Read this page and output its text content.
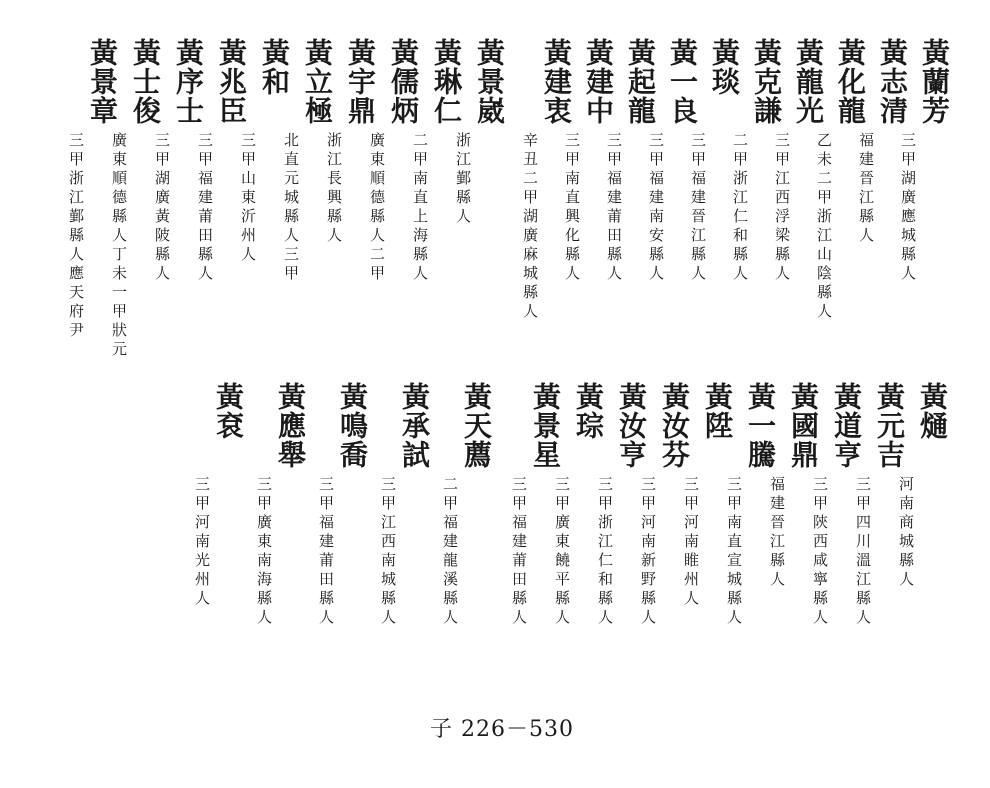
黃蘭芳
三甲湖廣應城縣人
黃志清
福建晉江縣人
黃化龍
乙未二甲浙江山陰縣人
黃龍光
三甲江西浮梁縣人
黃克謙
二甲浙江仁和縣人
黃琰
三甲福建晉江縣人
黃一良
三甲福建南安縣人
黃起龍
三甲福建莆田縣人
黃建中
三甲南直興化縣人
黃建衷
辛丑二甲湖廣麻城縣人
黃景崴
浙江鄞縣人
黃琳仁
二甲南直上海縣人
黃儒炳
廣東順德縣人二甲
黃宇鼎
浙江長興縣人
黃立極
北直元城縣人三甲
黃和
三甲山東沂州人
黃兆臣
三甲福建莆田縣人
黃序士
三甲湖廣黃陂縣人
黃士俊
廣東順德縣人丁未一甲狀元
黃景章
三甲浙江鄞縣人應天府尹
黃熥
河南商城縣人
黃元吉
三甲四川溫江縣人
黃道亨
三甲陝西咸寧縣人
黃國鼎
福建晉江縣人
黃一騰
三甲南直宣城縣人
黃陞
三甲河南睢州人
黃汝芬
三甲河南新野縣人
黃汝亨
三甲浙江仁和縣人
黃琮
三甲廣東饒平縣人
黃景星
三甲福建莆田縣人
黃天薦
二甲福建龍溪縣人
黃承試
三甲江西南城縣人
黃鳴喬
三甲福建莆田縣人
黃應舉
三甲廣東南海縣人
黃袞
三甲河南光州人
子 226－530
